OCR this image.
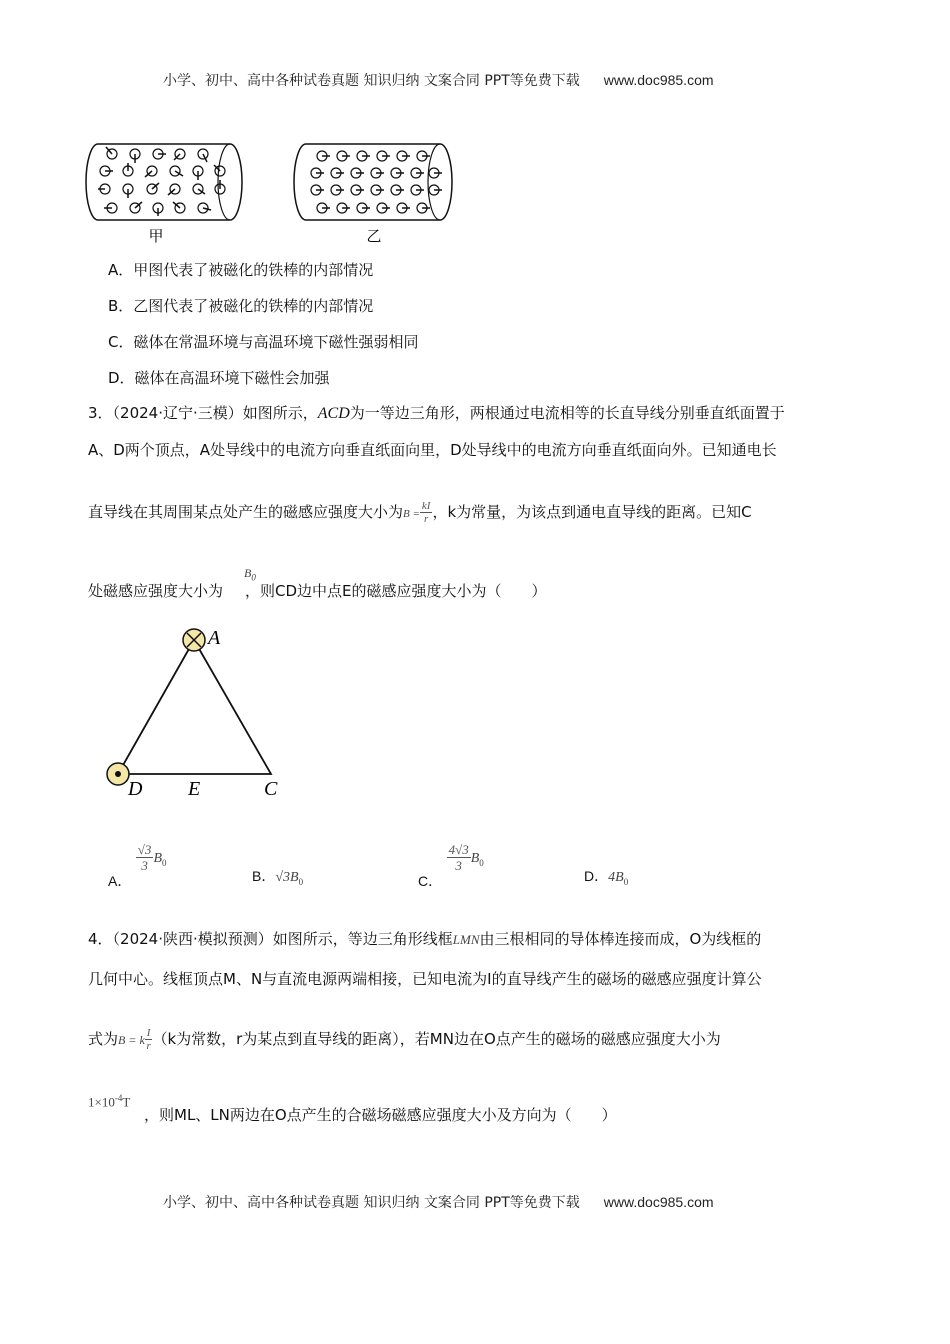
小学、初中、高中各种试卷真题 知识归纳 文案合同 PPT等免费下载 www.doc985.com
甲	乙
A．甲图代表了被磁化的铁棒的内部情况
B．乙图代表了被磁化的铁棒的内部情况
C．磁体在常温环境与高温环境下磁性强弱相同
D．磁体在高温环境下磁性会加强
3．（2024·辽宁·三模）如图所示，ACD为一等边三角形，两根通过电流相等的长直导线分别垂直纸面置于
A、D两个顶点，A处导线中的电流方向垂直纸面向里，D处导线中的电流方向垂直纸面向外。已知通电长
直导线在其周围某点处产生的磁感应强度大小为$B = \frac{kI}{r}$ ，k为常量，为该点到通电直导线的距离。已知C
$B_0$
处磁感应强度大小为 ，则CD边中点E的磁感应强度大小为（　　）
A
D E	C
A．
$\frac{√3}{3} B_0$
B．$√3B_0$	C．
$\frac{4√3}{3} B_0$
D．$4B_0$
4．（2024·陕西·模拟预测）如图所示，等边三角形线框LMN由三根相同的导体棒连接而成，O为线框的
几何中心。线框顶点M、N与直流电源两端相接，已知电流为I的直导线产生的磁场的磁感应强度计算公
式为B = k $\frac{I}{r} (k$为常数，r为某点到直导线的距离），若MN边在O点产生的磁场的磁感应强度大小为
$1\times 10^{-4}T$
，则ML、LN两边在O点产生的合磁场磁感应强度大小及方向为（　　）
小学、初中、高中各种试卷真题 知识归纳 文案合同 PPT等免费下载 www.doc985.com
